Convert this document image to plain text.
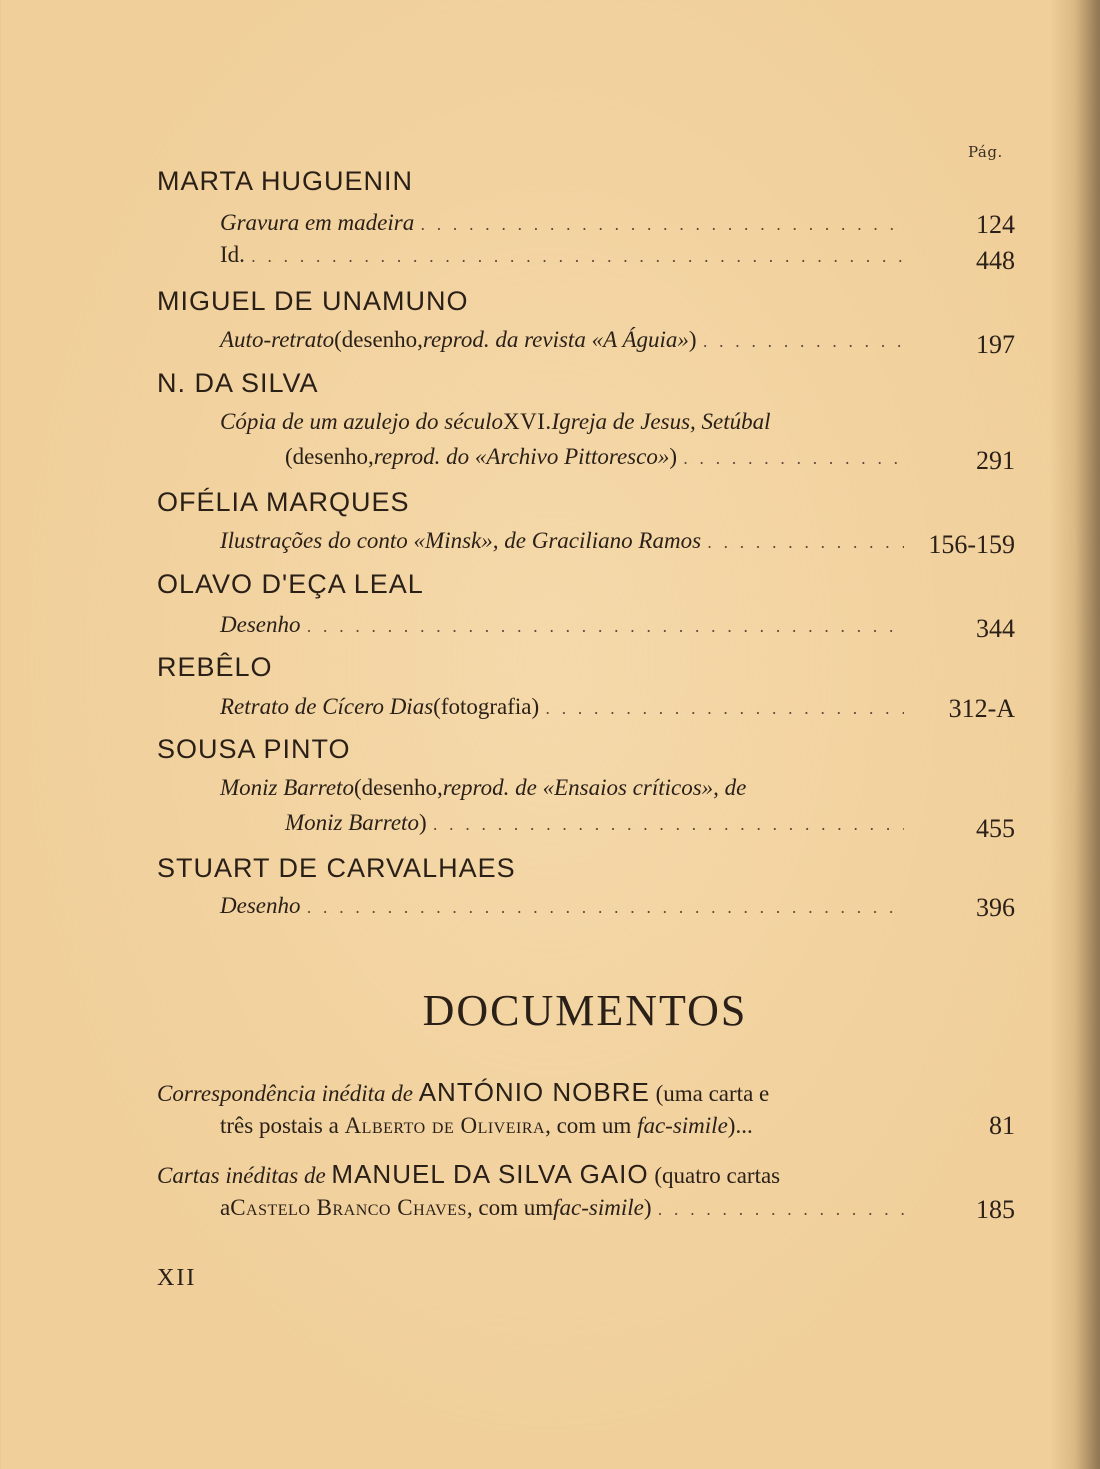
Pág.
MARTA HUGUENIN
Gravura em madeira . . .	124
Id. . . .	448
MIGUEL DE UNAMUNO
Auto-retrato (desenho, reprod. da revista «A Águia» ) . . .	197
N. DA SILVA
Cópia de um azulejo do século XVI. Igreja de Jesus, Setúbal
(desenho, reprod. do «Archivo Pittoresco» ) . . .	291
OFÉLIA MARQUES
Ilustrações do conto «Minsk», de Graciliano Ramos . . .	156-159
OLAVO D'EÇA LEAL
Desenho . . .	344
REBÊLO
Retrato de Cícero Dias (fotografia) . . .	312-A
SOUSA PINTO
Moniz Barreto (desenho, reprod. de «Ensaios críticos», de
Moniz Barreto ) . . .	455
STUART DE CARVALHAES
Desenho . . .	396
DOCUMENTOS
Correspondência inédita de ANTÓNIO NOBRE (uma carta e
três postais a Alberto de Oliveira, com um fac-simile)...	81
Cartas inéditas de MANUEL DA SILVA GAIO (quatro cartas
a Castelo Branco Chaves , com um fac-simile ) . . .	185
XII
